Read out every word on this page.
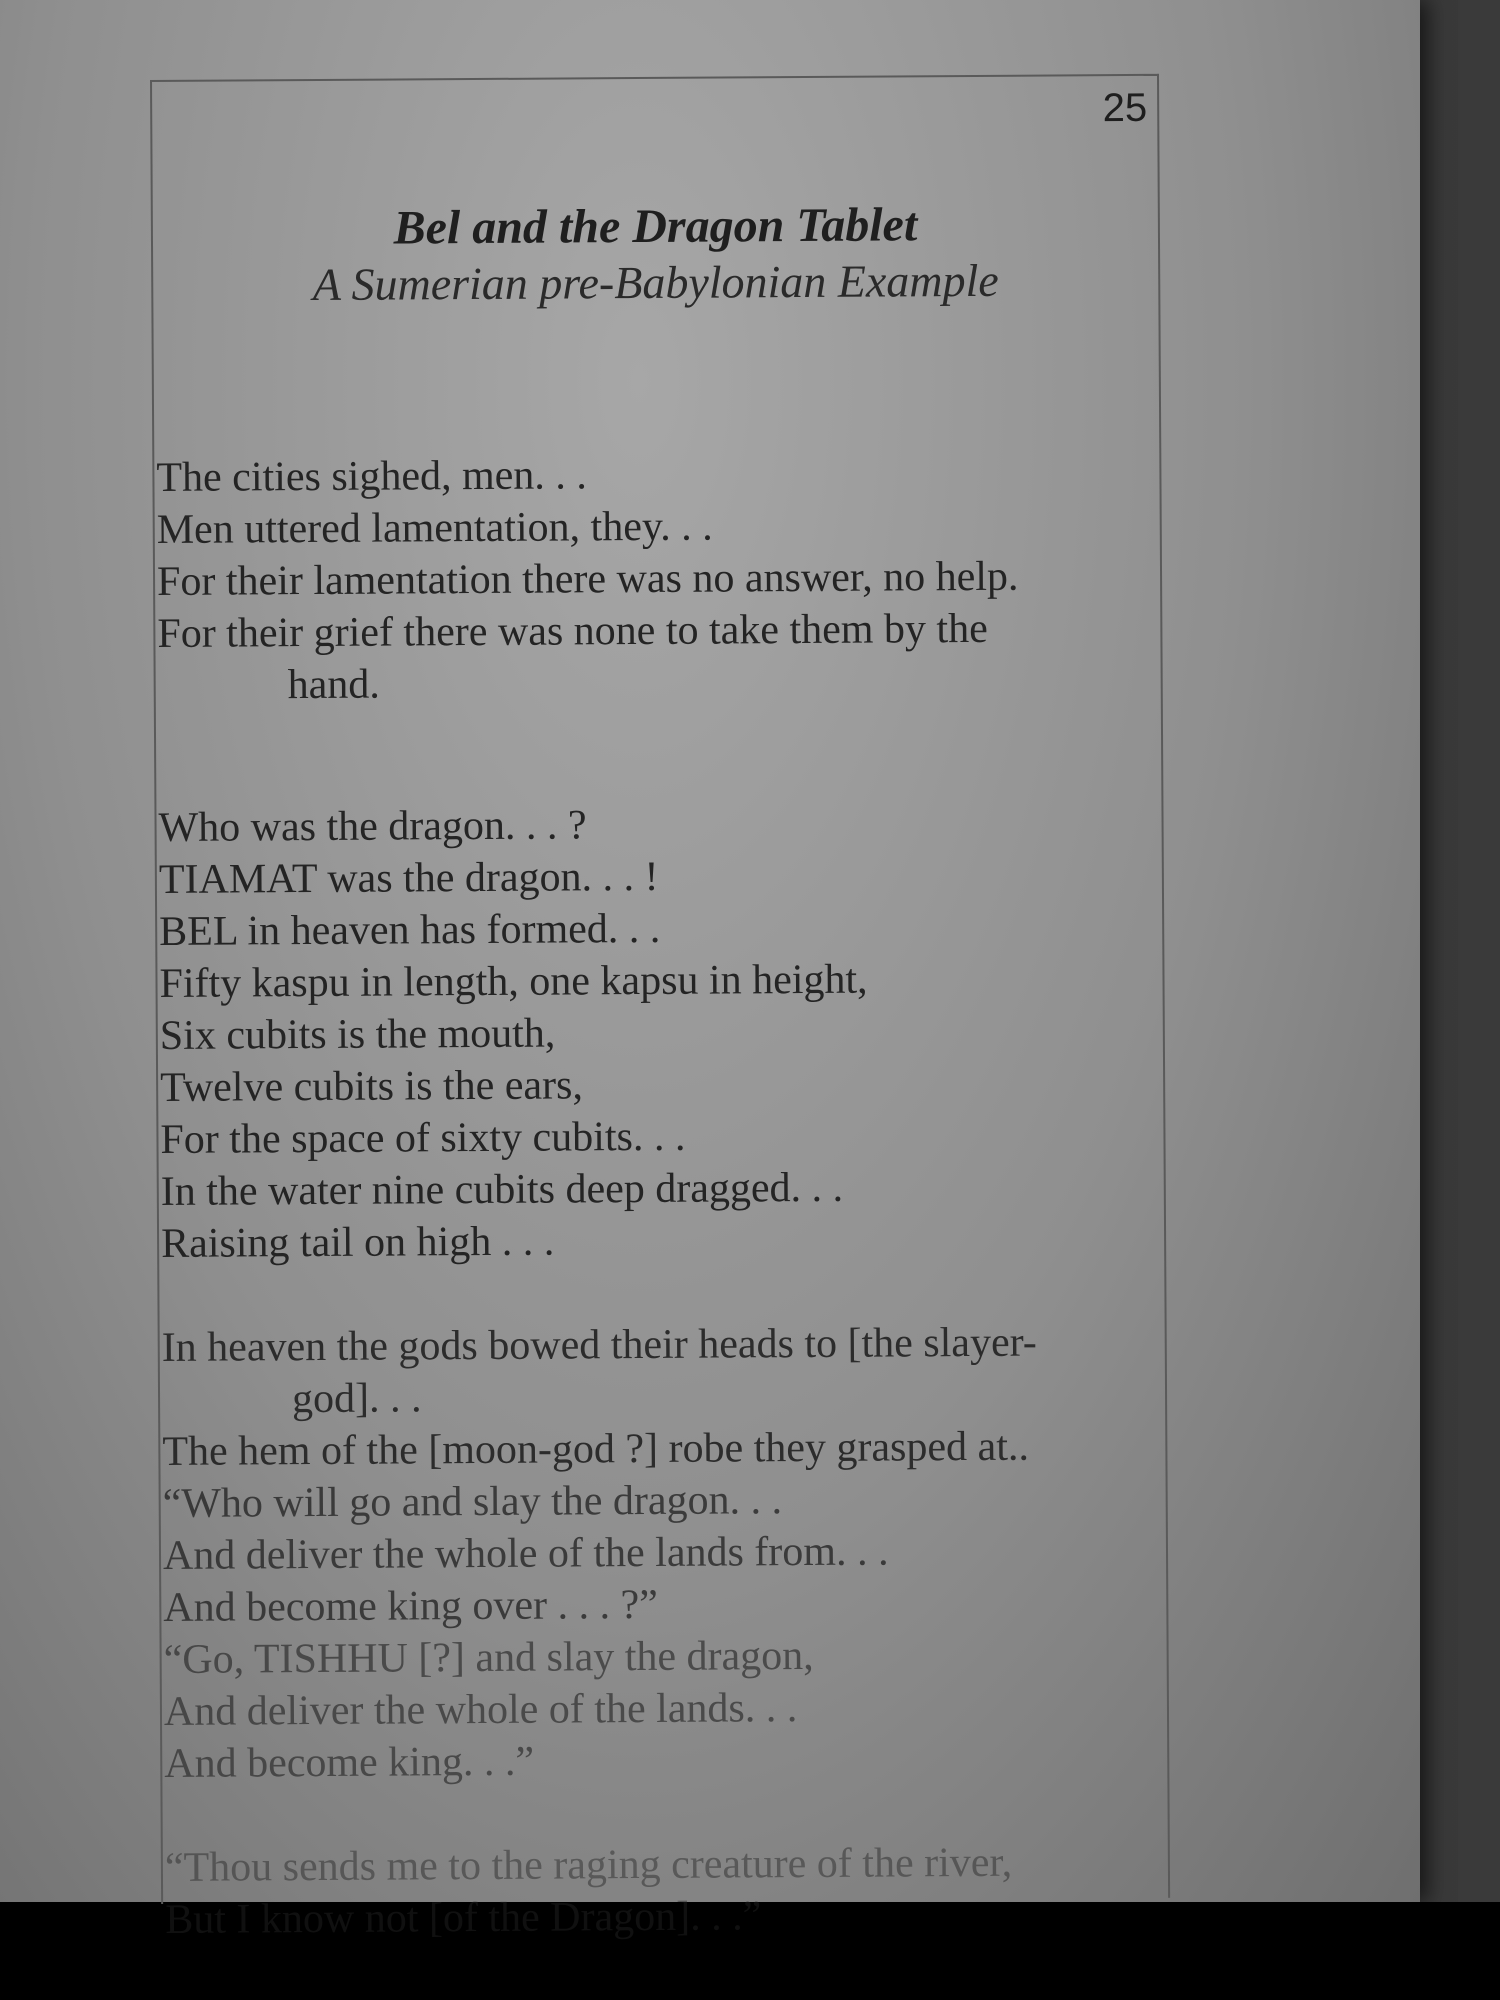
25

Bel and the Dragon Tablet

A Sumerian pre-Babylonian Example

The cities sighed, men. . .
Men uttered lamentation, they. . .
For their lamentation there was no answer, no help.
For their grief there was none to take them by the
hand.
Who was the dragon. . . ?
TIAMAT was the dragon. . . !
BEL in heaven has formed. . .
Fifty kaspu in length, one kapsu in height,
Six cubits is the mouth,
Twelve cubits is the ears,
For the space of sixty cubits. . .
In the water nine cubits deep dragged. . .
Raising tail on high . . .
In heaven the gods bowed their heads to [the slayer-
god]. . .
The hem of the [moon-god ?] robe they grasped at..
“Who will go and slay the dragon. . .
And deliver the whole of the lands from. . .
And become king over . . . ?”
“Go, TISHHU [?] and slay the dragon,
And deliver the whole of the lands. . .
And become king. . .”
“Thou sends me to the raging creature of the river,
But I know not [of the Dragon]. . .”
